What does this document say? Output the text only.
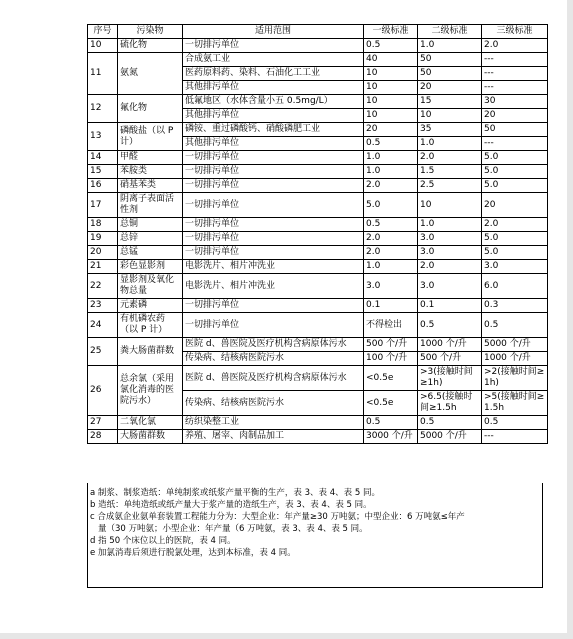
序号	污染物	适用范围	一级标准	二级标准	三级标准
10	硫化物	一切排污单位	0.5	1.0	2.0
11	氨氮	合成氨工业	40	50	---
		医药原料药、染料、石油化工工业	10	50	---
		其他排污单位	10	20	---
12	氟化物	低氟地区（水体含量小五 0.5mg/L）	10	15	30
		其他排污单位	10	10	20
13	磷酸盐（以 P 计）	磷铵、重过磷酸钙、硝酸磷肥工业	20	35	50
		其他排污单位	0.5	1.0	---
14	甲醛	一切排污单位	1.0	2.0	5.0
15	苯胺类	一切排污单位	1.0	1.5	5.0
16	硝基苯类	一切排污单位	2.0	2.5	5.0
17	阴离子表面活性剂	一切排污单位	5.0	10	20
18	总铜	一切排污单位	0.5	1.0	2.0
19	总锌	一切排污单位	2.0	3.0	5.0
20	总锰	一切排污单位	2.0	3.0	5.0
21	彩色显影剂	电影洗片、相片冲洗业	1.0	2.0	3.0
22	显影剂及氧化物总量	电影洗片、相片冲洗业	3.0	3.0	6.0
23	元素磷	一切排污单位	0.1	0.1	0.3
24	有机磷农药（以 P 计）	一切排污单位	不得检出	0.5	0.5
25	粪大肠菌群数	医院 d、兽医院及医疗机构含病原体污水	500 个/升	1000 个/升	5000 个/升
		传染病、结核病医院污水	100 个/升	500 个/升	1000 个/升
26	总余氯（采用氯化消毒的医院污水）	医院 d、兽医院及医疗机构含病原体污水	<0.5e	>3(接触时间≥1h)	>2(接触时间≥1h)
		传染病、结核病医院污水	<0.5e	>6.5(接触时间≥1.5h	>5(接触时间≥1.5h
27	二氧化氯	纺织染整工业	0.5	0.5	0.5
28	大肠菌群数	养殖、屠宰、肉制品加工	3000 个/升	5000 个/升	---
a 制浆、制浆造纸：单纯制浆或纸浆产量平衡的生产，表 3、表 4、表 5 同。
b 造纸：单纯造纸或纸产量大于浆产量的造纸生产，表 3、表 4、表 5 同。
c 合成氨企业氨单套装置工程能力分为：大型企业：年产量≥30 万吨氨；中型企业：6 万吨氨≤年产
量（30 万吨氨；小型企业：年产量（6 万吨氨，表 3、表 4、表 5 同。
d 指 50 个床位以上的医院，表 4 同。
e 加氯消毒后须进行脱氯处理，达到本标准，表 4 同。
